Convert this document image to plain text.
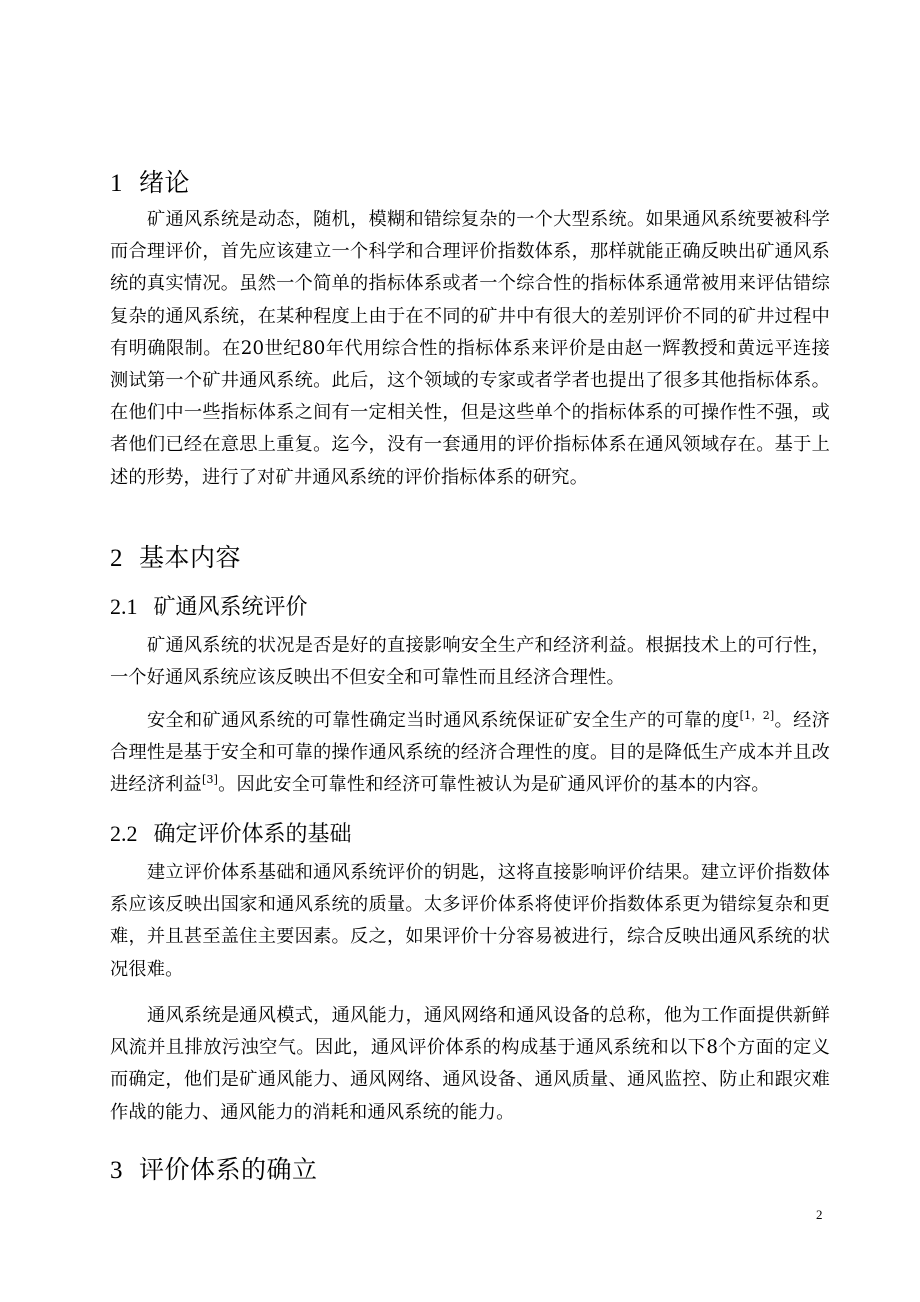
1 绪论
矿通风系统是动态，随机，模糊和错综复杂的一个大型系统。如果通风系统要被科学而合理评价，首先应该建立一个科学和合理评价指数体系，那样就能正确反映出矿通风系统的真实情况。虽然一个简单的指标体系或者一个综合性的指标体系通常被用来评估错综复杂的通风系统，在某种程度上由于在不同的矿井中有很大的差别评价不同的矿井过程中有明确限制。在20世纪80年代用综合性的指标体系来评价是由赵一辉教授和黄远平连接测试第一个矿井通风系统。此后，这个领域的专家或者学者也提出了很多其他指标体系。在他们中一些指标体系之间有一定相关性，但是这些单个的指标体系的可操作性不强，或者他们已经在意思上重复。迄今，没有一套通用的评价指标体系在通风领域存在。基于上述的形势，进行了对矿井通风系统的评价指标体系的研究。
2 基本内容
2.1 矿通风系统评价
矿通风系统的状况是否是好的直接影响安全生产和经济利益。根据技术上的可行性，一个好通风系统应该反映出不但安全和可靠性而且经济合理性。
安全和矿通风系统的可靠性确定当时通风系统保证矿安全生产的可靠的度[1，2]。经济合理性是基于安全和可靠的操作通风系统的经济合理性的度。目的是降低生产成本并且改进经济利益[3]。因此安全可靠性和经济可靠性被认为是矿通风评价的基本的内容。
2.2 确定评价体系的基础
建立评价体系基础和通风系统评价的钥匙，这将直接影响评价结果。建立评价指数体系应该反映出国家和通风系统的质量。太多评价体系将使评价指数体系更为错综复杂和更难，并且甚至盖住主要因素。反之，如果评价十分容易被进行，综合反映出通风系统的状况很难。
通风系统是通风模式，通风能力，通风网络和通风设备的总称，他为工作面提供新鲜风流并且排放污浊空气。因此，通风评价体系的构成基于通风系统和以下8个方面的定义而确定，他们是矿通风能力、通风网络、通风设备、通风质量、通风监控、防止和跟灾难作战的能力、通风能力的消耗和通风系统的能力。
3 评价体系的确立
2
